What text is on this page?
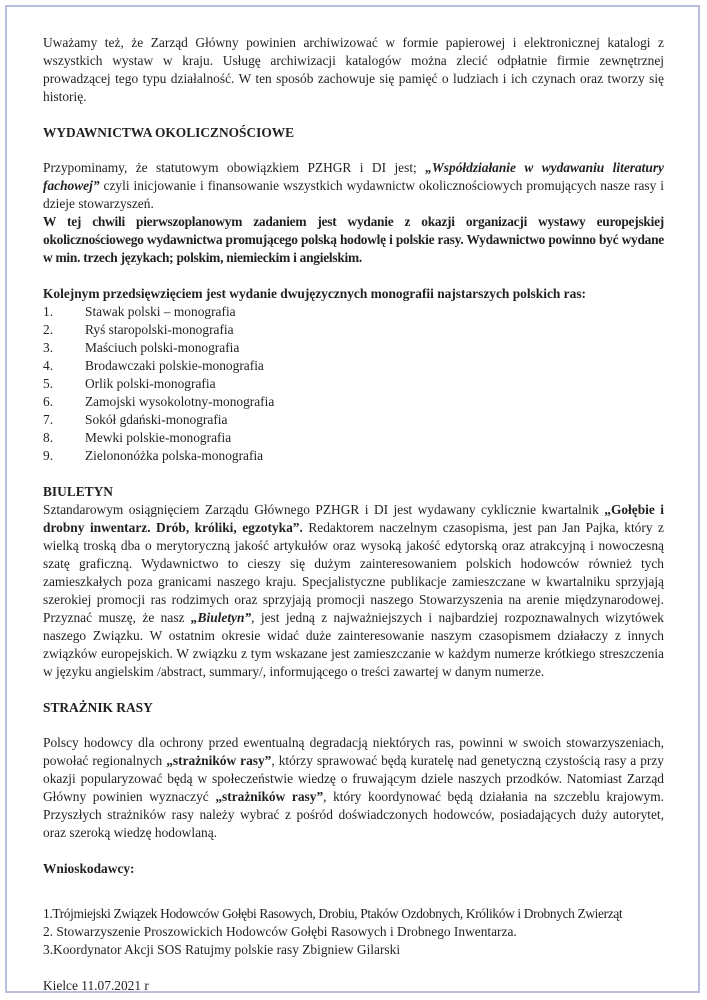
Uważamy też, że Zarząd Główny powinien archiwizować w formie papierowej i elektronicznej katalogi z wszystkich wystaw w kraju. Usługę archiwizacji katalogów można zlecić odpłatnie firmie zewnętrznej prowadzącej tego typu działalność. W ten sposób zachowuje się pamięć o ludziach i ich czynach oraz tworzy się historię.

WYDAWNICTWA OKOLICZNOŚCIOWE

Przypominamy, że statutowym obowiązkiem PZHGR i DI jest; „Współdziałanie w wydawaniu literatury fachowej” czyli inicjowanie i finansowanie wszystkich wydawnictw okolicznościowych promujących nasze rasy i dzieje stowarzyszeń.

W tej chwili pierwszoplanowym zadaniem jest wydanie z okazji organizacji wystawy europejskiej okolicznościowego wydawnictwa promującego polską hodowlę i polskie rasy. Wydawnictwo powinno być wydane w min. trzech językach; polskim, niemieckim i angielskim.

Kolejnym przedsięwzięciem jest wydanie dwujęzycznych monografii najstarszych polskich ras:

1.	Stawak polski – monografia
2.	Ryś staropolski-monografia
3.	Maściuch polski-monografia
4.	Brodawczaki polskie-monografia
5.	Orlik polski-monografia
6.	Zamojski wysokolotny-monografia
7.	Sokół gdański-monografia
8.	Mewki polskie-monografia
9.	Zielononóżka polska-monografia

BIULETYN

Sztandarowym osiągnięciem Zarządu Głównego PZHGR i DI jest wydawany cyklicznie kwartalnik „Gołębie i drobny inwentarz. Drób, króliki, egzotyka”. Redaktorem naczelnym czasopisma, jest pan Jan Pajka, który z wielką troską dba o merytoryczną jakość artykułów oraz wysoką jakość edytorską oraz atrakcyjną i nowoczesną szatę graficzną. Wydawnictwo to cieszy się dużym zainteresowaniem polskich hodowców również tych zamieszkałych poza granicami naszego kraju. Specjalistyczne publikacje zamieszczane w kwartalniku sprzyjają szerokiej promocji ras rodzimych oraz sprzyjają promocji naszego Stowarzyszenia na arenie międzynarodowej. Przyznać muszę, że nasz „Biuletyn”, jest jedną z najważniejszych i najbardziej rozpoznawalnych wizytówek naszego Związku. W ostatnim okresie widać duże zainteresowanie naszym czasopismem działaczy z innych związków europejskich. W związku z tym wskazane jest zamieszczanie w każdym numerze krótkiego streszczenia w języku angielskim /abstract, summary/, informującego o treści zawartej w danym numerze.

STRAŻNIK RASY

Polscy hodowcy dla ochrony przed ewentualną degradacją niektórych ras, powinni w swoich stowarzyszeniach, powołać regionalnych „strażników rasy”, którzy sprawować będą kuratelę nad genetyczną czystością rasy a przy okazji popularyzować będą w społeczeństwie wiedzę o fruwającym dziele naszych przodków. Natomiast Zarząd Główny powinien wyznaczyć „strażników rasy”, który koordynować będą działania na szczeblu krajowym. Przyszłych strażników rasy należy wybrać z pośród doświadczonych hodowców, posiadających duży autorytet, oraz szeroką wiedzę hodowlaną.

Wnioskodawcy:

1.Trójmiejski Związek Hodowców Gołębi Rasowych, Drobiu, Ptaków Ozdobnych, Królików i Drobnych Zwierząt

2. Stowarzyszenie Proszowickich Hodowców Gołębi Rasowych i Drobnego Inwentarza.

3.Koordynator Akcji SOS Ratujmy polskie rasy Zbigniew Gilarski

Kielce 11.07.2021 r
